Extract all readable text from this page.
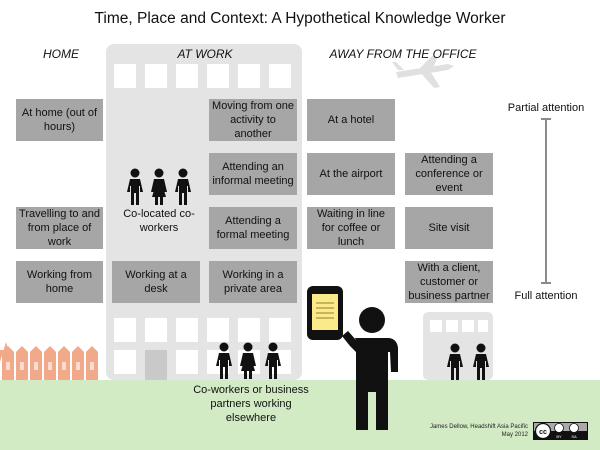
cc
BY SA
Time, Place and Context: A Hypothetical Knowledge Worker
HOME	AT WORK	AWAY FROM THE OFFICE
At home (out of hours)
Travelling to and from place of work
Working from home
Working at a desk
Moving from one activity to another
Attending an informal meeting
Attending a formal meeting
Working in a private area
At a hotel
At the airport
Waiting in line for coffee or lunch
Attending a conference or event
Site visit
With a client, customer or business partner
Co-located co-workers
Co-workers or business partners working elsewhere
Partial attention
Full attention
James Dellow, Headshift Asia Pacific
May 2012
